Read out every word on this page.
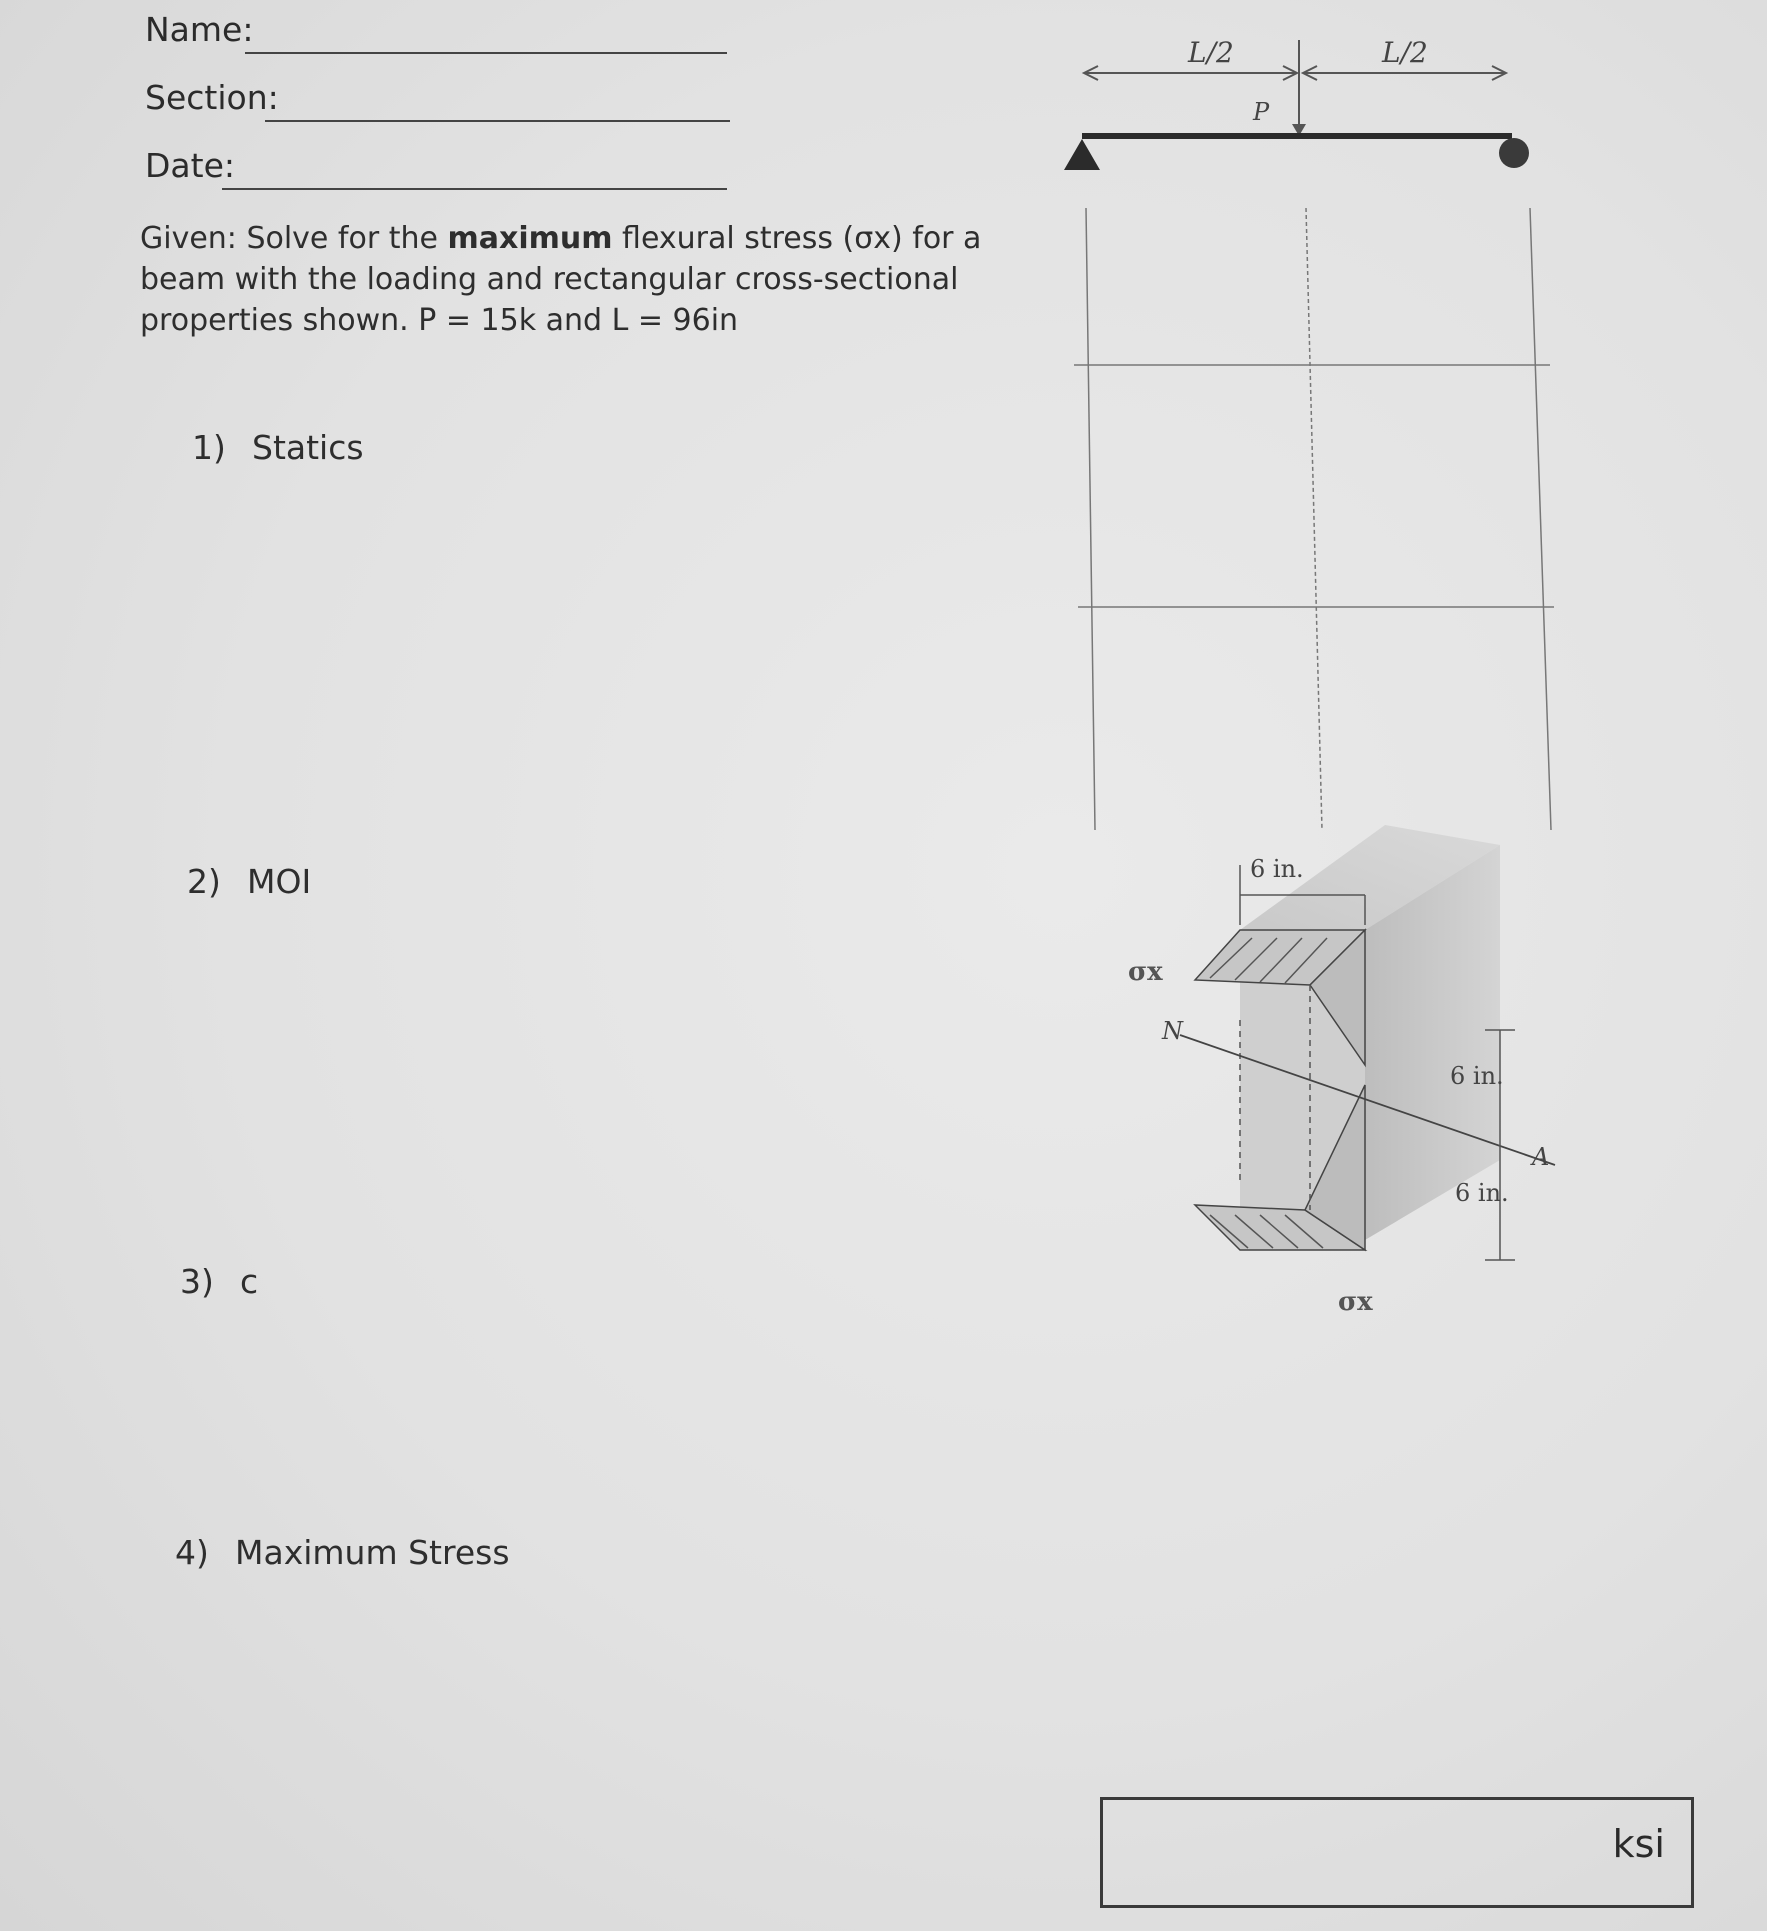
Name:
Section:
Date:
Given: Solve for the maximum flexural stress (σx) for a beam with the loading and rectangular cross-sectional properties shown. P = 15k and L = 96in
1) Statics
2) MOI
3) c
4) Maximum Stress
L/2	L/2
P
6 in.
6 in.
6 in.
N
A
σx
σx
ksi
